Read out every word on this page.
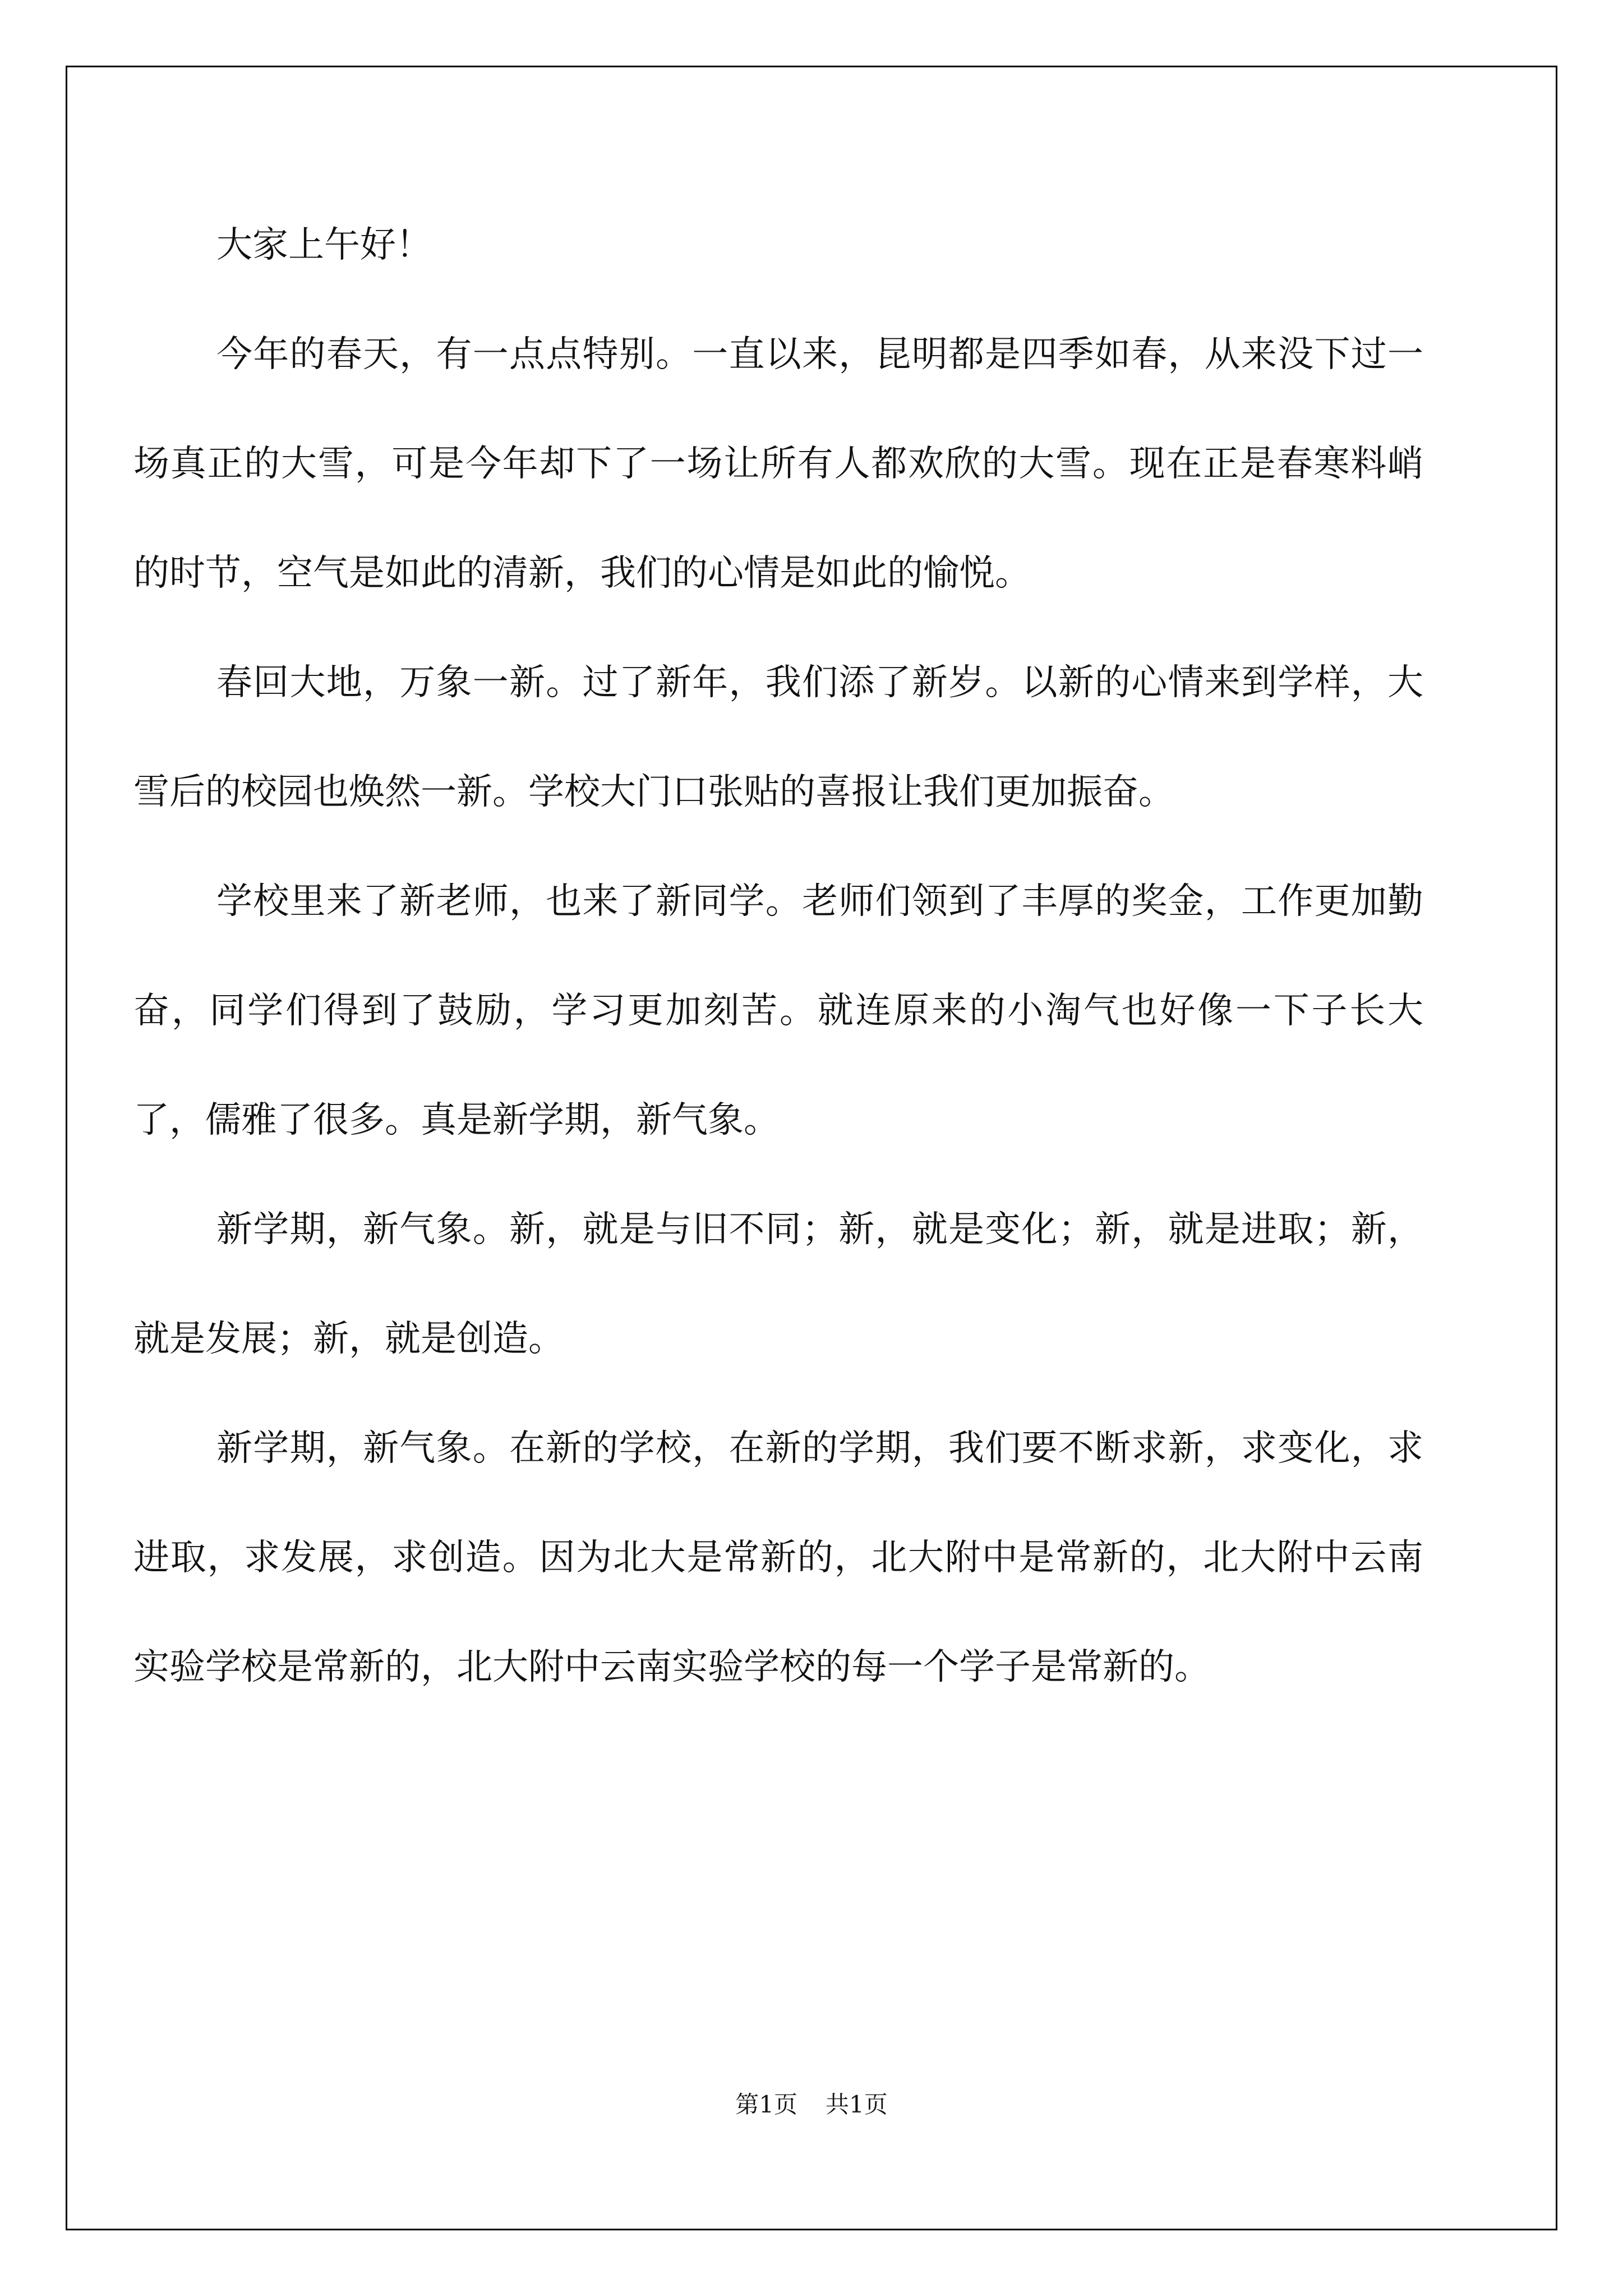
大家上午好！

今年的春天，有一点点特别。一直以来，昆明都是四季如春，从来没下过一场真正的大雪，可是今年却下了一场让所有人都欢欣的大雪。现在正是春寒料峭的时节，空气是如此的清新，我们的心情是如此的愉悦。

春回大地，万象一新。过了新年，我们添了新岁。以新的心情来到学样，大雪后的校园也焕然一新。学校大门口张贴的喜报让我们更加振奋。

学校里来了新老师，也来了新同学。老师们领到了丰厚的奖金，工作更加勤奋，同学们得到了鼓励，学习更加刻苦。就连原来的小淘气也好像一下子长大了，儒雅了很多。真是新学期，新气象。

新学期，新气象。新，就是与旧不同；新，就是变化；新，就是进取；新，就是发展；新，就是创造。

新学期，新气象。在新的学校，在新的学期，我们要不断求新，求变化，求进取，求发展，求创造。因为北大是常新的，北大附中是常新的，北大附中云南实验学校是常新的，北大附中云南实验学校的每一个学子是常新的。

第1页 共1页
